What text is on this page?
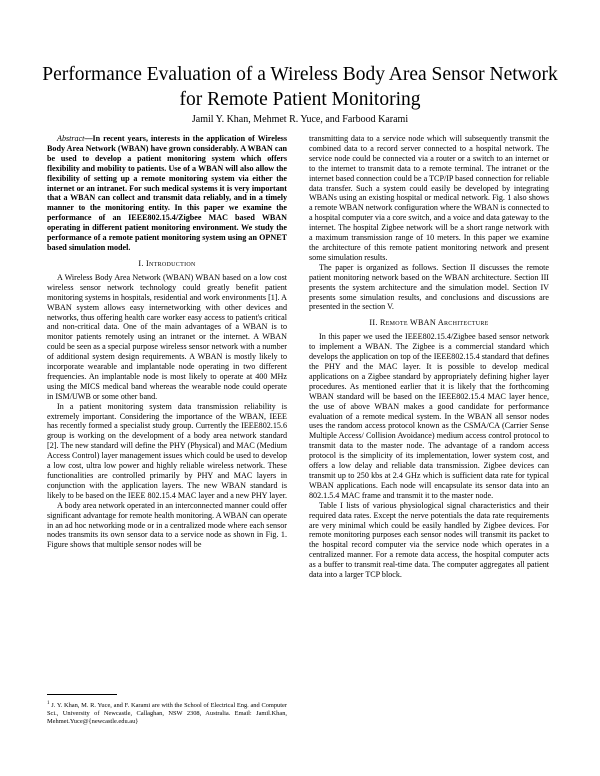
Performance Evaluation of a Wireless Body Area Sensor Network for Remote Patient Monitoring
Jamil Y. Khan, Mehmet R. Yuce, and Farbood Karami

Abstract—In recent years, interests in the application of Wireless Body Area Network (WBAN) have grown considerably. A WBAN can be used to develop a patient monitoring system which offers flexibility and mobility to patients. Use of a WBAN will also allow the flexibility of setting up a remote monitoring system via either the internet or an intranet. For such medical systems it is very important that a WBAN can collect and transmit data reliably, and in a timely manner to the monitoring entity. In this paper we examine the performance of an IEEE802.15.4/Zigbee MAC based WBAN operating in different patient monitoring environment. We study the performance of a remote patient monitoring system using an OPNET based simulation model.

I. Introduction

A Wireless Body Area Network (WBAN) WBAN based on a low cost wireless sensor network technology could greatly benefit patient monitoring systems in hospitals, residential and work environments [1]. A WBAN system allows easy internetworking with other devices and networks, thus offering health care worker easy access to patient's critical and non-critical data. One of the main advantages of a WBAN is to monitor patients remotely using an intranet or the internet. A WBAN could be seen as a special purpose wireless sensor network with a number of additional system design requirements. A WBAN is mostly likely to incorporate wearable and implantable node operating in two different frequencies. An implantable node is most likely to operate at 400 MHz using the MICS medical band whereas the wearable node could operate in ISM/UWB or some other band.

In a patient monitoring system data transmission reliability is extremely important. Considering the importance of the WBAN, IEEE has recently formed a specialist study group. Currently the IEEE802.15.6 group is working on the development of a body area network standard [2]. The new standard will define the PHY (Physical) and MAC (Medium Access Control) layer management issues which could be used to develop a low cost, ultra low power and highly reliable wireless network. These functionalities are controlled primarily by PHY and MAC layers in conjunction with the application layers. The new WBAN standard is likely to be based on the IEEE 802.15.4 MAC layer and a new PHY layer.

A body area network operated in an interconnected manner could offer significant advantage for remote health monitoring. A WBAN can operate in an ad hoc networking mode or in a centralized mode where each sensor nodes transmits its own sensor data to a service node as shown in Fig. 1. Figure shows that multiple sensor nodes will be

transmitting data to a service node which will subsequently transmit the combined data to a record server connected to a hospital network. The service node could be connected via a router or a switch to an internet or to the internet to transmit data to a remote terminal. The intranet or the internet based connection could be a TCP/IP based connection for reliable data transfer. Such a system could easily be developed by integrating WBANs using an existing hospital or medical network. Fig. 1 also shows a remote WBAN network configuration where the WBAN is connected to a hospital computer via a core switch, and a voice and data gateway to the internet. The hospital Zigbee network will be a short range network with a maximum transmission range of 10 meters. In this paper we examine the architecture of this remote patient monitoring network and present some simulation results.

The paper is organized as follows. Section II discusses the remote patient monitoring network based on the WBAN architecture. Section III presents the system architecture and the simulation model. Section IV presents some simulation results, and conclusions and discussions are presented in the section V.

II. Remote WBAN Architecture

In this paper we used the IEEE802.15.4/Zigbee based sensor network to implement a WBAN. The Zigbee is a commercial standard which develops the application on top of the IEEE802.15.4 standard that defines the PHY and the MAC layer. It is possible to develop medical applications on a Zigbee standard by appropriately defining higher layer procedures. As mentioned earlier that it is likely that the forthcoming WBAN standard will be based on the IEEE802.15.4 MAC layer hence, the use of above WBAN makes a good candidate for performance evaluation of a remote medical system. In the WBAN all sensor nodes uses the random access protocol known as the CSMA/CA (Carrier Sense Multiple Access/ Collision Avoidance) medium access control protocol to transmit data to the master node. The advantage of a random access protocol is the simplicity of its implementation, lower system cost, and offers a low delay and reliable data transmission. Zigbee devices can transmit up to 250 kbs at 2.4 GHz which is sufficient data rate for typical WBAN applications. Each node will encapsulate its sensor data into an 802.1.5.4 MAC frame and transmit it to the master node.

Table I lists of various physiological signal characteristics and their required data rates. Except the nerve potentials the data rate requirements are very minimal which could be easily handled by Zigbee devices. For remote monitoring purposes each sensor nodes will transmit its packet to the hospital record computer via the service node which operates in a centralized manner. For a remote data access, the hospital computer acts as a buffer to transmit real-time data. The computer aggregates all patient data into a larger TCP block.

$^1$ J. Y. Khan, M. R. Yuce, and F. Karami are with the School of Electrical Eng. and Computer Sci., University of Newcastle, Callaghan, NSW 2308, Australia. Email: Jamil.Khan, Mehmet.Yuce@{newcastle.edu.au}
